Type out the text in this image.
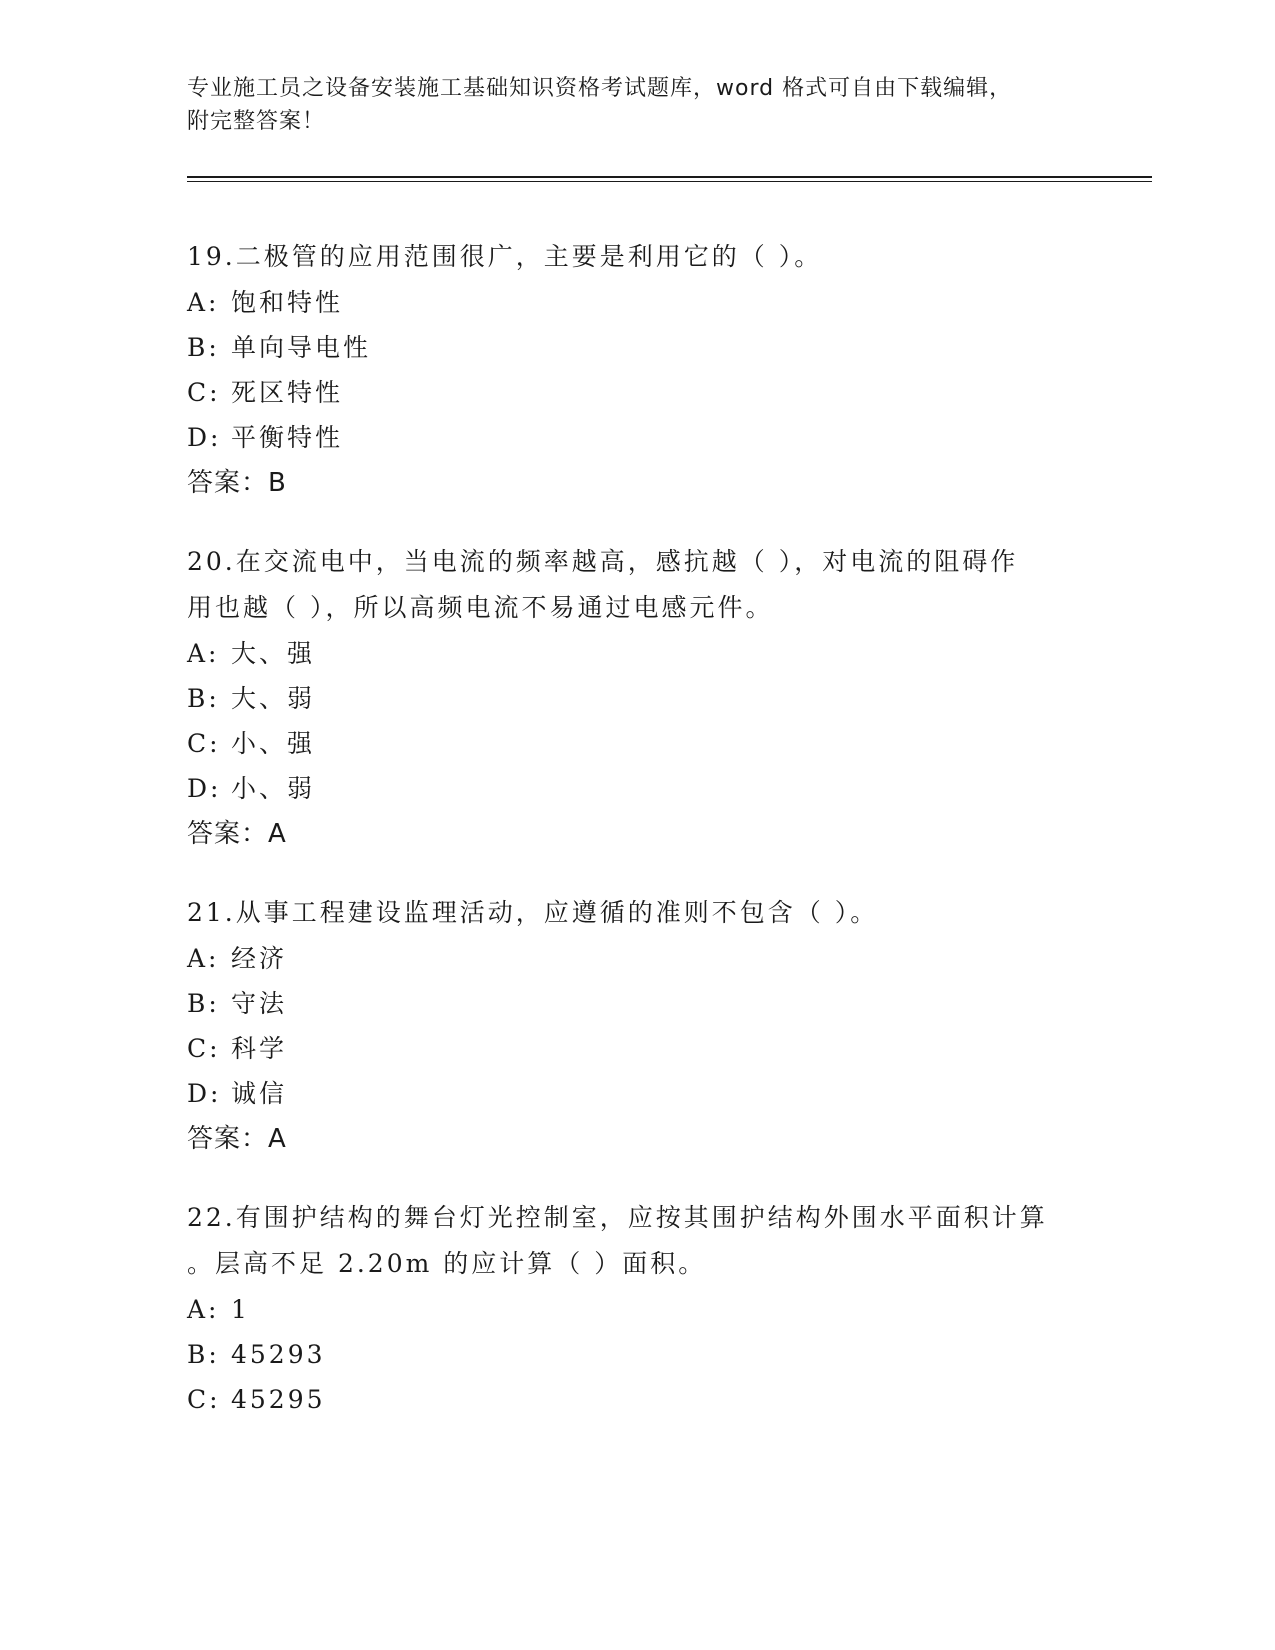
专业施工员之设备安装施工基础知识资格考试题库，word 格式可自由下载编辑，
附完整答案！
19.二极管的应用范围很广，主要是利用它的（ ）。
A: 饱和特性
B: 单向导电性
C: 死区特性
D: 平衡特性
答案：B
20.在交流电中，当电流的频率越高，感抗越（ ），对电流的阻碍作
用也越（ ），所以高频电流不易通过电感元件。
A: 大、强
B: 大、弱
C: 小、强
D: 小、弱
答案：A
21.从事工程建设监理活动，应遵循的准则不包含（ ）。
A: 经济
B: 守法
C: 科学
D: 诚信
答案：A
22.有围护结构的舞台灯光控制室，应按其围护结构外围水平面积计算
。层高不足 2.20m 的应计算（ ）面积。
A: 1
B: 45293
C: 45295
